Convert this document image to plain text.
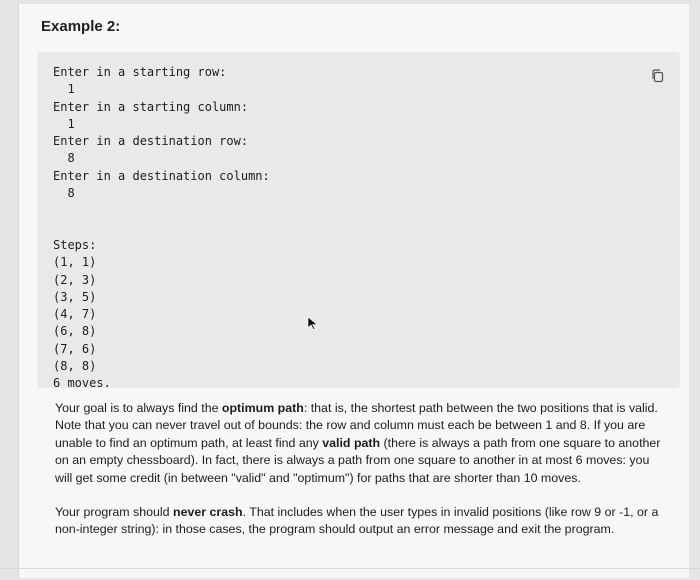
Example 2:
Enter in a starting row:
1
Enter in a starting column:
1
Enter in a destination row:
8
Enter in a destination column:
8
Steps:
(1, 1)
(2, 3)
(3, 5)
(4, 7)
(6, 8)
(7, 6)
(8, 8)
6 moves.

Your goal is to always find the optimum path: that is, the shortest path between the two positions that is valid. Note that you can never travel out of bounds: the row and column must each be between 1 and 8. If you are unable to find an optimum path, at least find any valid path (there is always a path from one square to another on an empty chessboard). In fact, there is always a path from one square to another in at most 6 moves: you will get some credit (in between "valid" and "optimum") for paths that are shorter than 10 moves.

Your program should never crash. That includes when the user types in invalid positions (like row 9 or -1, or a non-integer string): in those cases, the program should output an error message and exit the program.
